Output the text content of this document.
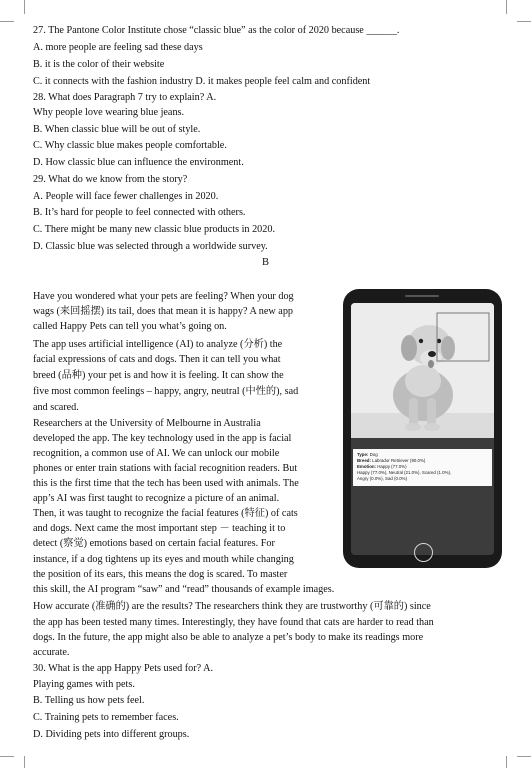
27. The Pantone Color Institute chose “classic blue” as the color of 2020 because ______.
A. more people are feeling sad these days
B. it is the color of their website
C. it connects with the fashion industry D. it makes people feel calm and confident
28. What does Paragraph 7 try to explain? A.
Why people love wearing blue jeans.
B. When classic blue will be out of style.
C. Why classic blue makes people comfortable.
D. How classic blue can influence the environment.
29. What do we know from the story?
A. People will face fewer challenges in 2020.
B. It’s hard for people to feel connected with others.
C. There might be many new classic blue products in 2020.
D. Classic blue was selected through a worldwide survey.
B
Have you wondered what your pets are feeling? When your dog
wags (来回摇摆) its tail, does that mean it is happy? A new app
called Happy Pets can tell you what’s going on.
The app uses artificial intelligence (AI) to analyze (分析) the
facial expressions of cats and dogs. Then it can tell you what
breed (品种) your pet is and how it is feeling. It can show the
five most common feelings – happy, angry, neutral (中性的), sad
and scared.
Researchers at the University of Melbourne in Australia
developed the app. The key technology used in the app is facial
recognition, a common use of AI. We can unlock our mobile
phones or enter train stations with facial recognition readers. But
this is the first time that the tech has been used with animals. The
app’s AI was first taught to recognize a picture of an animal.
Then, it was taught to recognize the facial features (特征) of cats
and dogs. Next came the most important step － teaching it to
detect (察觉) emotions based on certain facial features. For
instance, if a dog tightens up its eyes and mouth while changing
the position of its ears, this means the dog is scared. To master
this skill, the AI program “saw” and “read” thousands of example images.
How accurate (准确的) are the results? The researchers think they are trustworthy (可靠的) since
the app has been tested many times. Interestingly, they have found that cats are harder to read than
dogs. In the future, the app might also be able to analyze a pet’s body to make its readings more
accurate.
30. What is the app Happy Pets used for? A.
Playing games with pets.
B. Telling us how pets feel.
C. Training pets to remember faces.
D. Dividing pets into different groups.
Type: Dog
Breed: Labrador Retriever (90.0%)
Emotion: Happy (77.0%)
Happy (77.0%), Neutral (21.0%), Scared (1.0%),
Angry (0.0%), Sad (0.0%)
